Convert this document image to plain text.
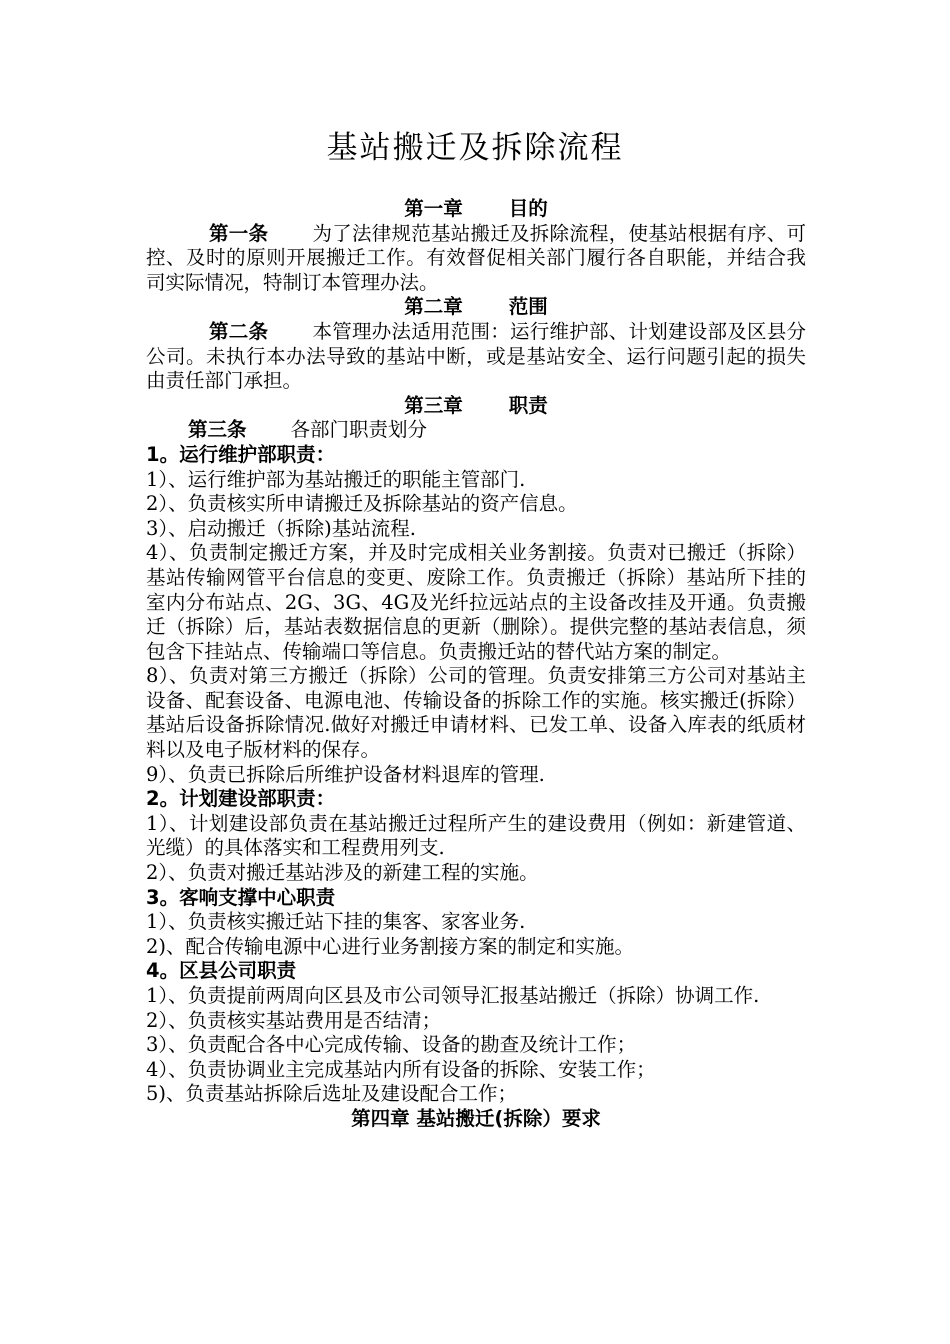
基站搬迁及拆除流程

第一章 目的

第一条 为了法律规范基站搬迁及拆除流程，使基站根据有序、可控、及时的原则开展搬迁工作。有效督促相关部门履行各自职能，并结合我司实际情况，特制订本管理办法。

第二章 范围

第二条 本管理办法适用范围：运行维护部、计划建设部及区县分公司。未执行本办法导致的基站中断，或是基站安全、运行问题引起的损失由责任部门承担。

第三章 职责

第三条 各部门职责划分

1。运行维护部职责：

1）、运行维护部为基站搬迁的职能主管部门.

2）、负责核实所申请搬迁及拆除基站的资产信息。

3）、启动搬迁（拆除)基站流程.

4）、负责制定搬迁方案，并及时完成相关业务割接。负责对已搬迁（拆除）基站传输网管平台信息的变更、废除工作。负责搬迁（拆除）基站所下挂的室内分布站点、2G、3G、4G及光纤拉远站点的主设备改挂及开通。负责搬迁（拆除）后，基站表数据信息的更新（删除）。提供完整的基站表信息，须包含下挂站点、传输端口等信息。负责搬迁站的替代站方案的制定。

8）、负责对第三方搬迁（拆除）公司的管理。负责安排第三方公司对基站主设备、配套设备、电源电池、传输设备的拆除工作的实施。核实搬迁(拆除）基站后设备拆除情况.做好对搬迁申请材料、已发工单、设备入库表的纸质材料以及电子版材料的保存。

9）、负责已拆除后所维护设备材料退库的管理.

2。计划建设部职责：

1）、计划建设部负责在基站搬迁过程所产生的建设费用（例如：新建管道、光缆）的具体落实和工程费用列支.

2）、负责对搬迁基站涉及的新建工程的实施。

3。客响支撑中心职责

1）、负责核实搬迁站下挂的集客、家客业务.

2)、配合传输电源中心进行业务割接方案的制定和实施。

4。区县公司职责

1）、负责提前两周向区县及市公司领导汇报基站搬迁（拆除）协调工作.

2）、负责核实基站费用是否结清；

3）、负责配合各中心完成传输、设备的勘查及统计工作；

4）、负责协调业主完成基站内所有设备的拆除、安装工作；

5)、负责基站拆除后选址及建设配合工作；

第四章 基站搬迁(拆除）要求
